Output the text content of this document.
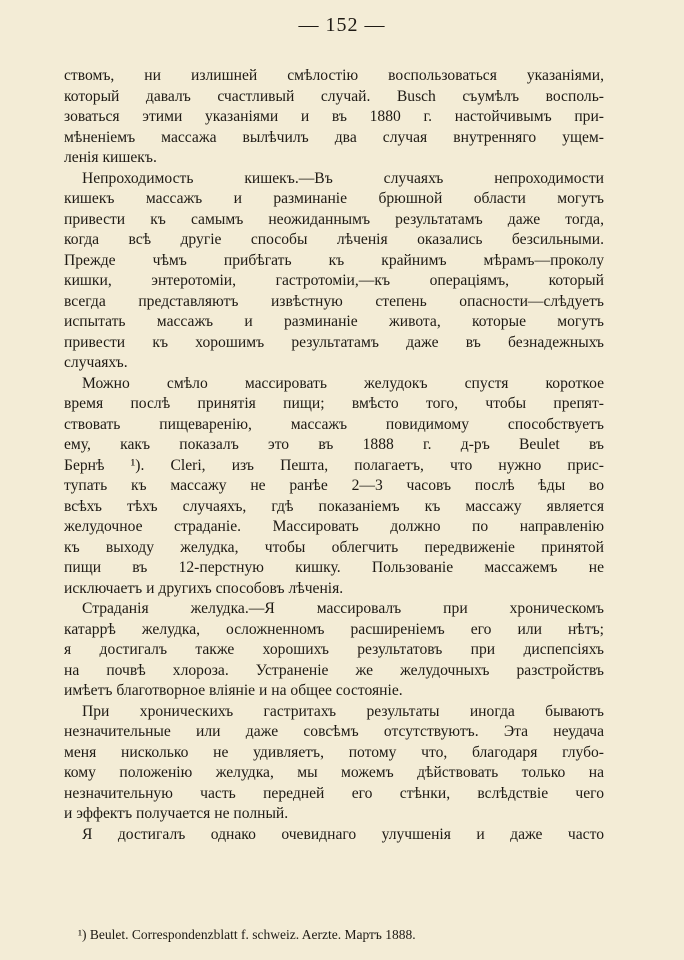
— 152 —
ствомъ, ни излишней смѣлостію воспользоваться указаніями,
который давалъ счастливый случай. Busch съумѣлъ восполь-
зоваться этими указаніями и въ 1880 г. настойчивымъ при-
мѣненіемъ массажа вылѣчилъ два случая внутренняго ущем-
ленія кишекъ.
Непроходимость кишекъ.—Въ случаяхъ непроходимости
кишекъ массажъ и разминаніе брюшной области могутъ
привести къ самымъ неожиданнымъ результатамъ даже тогда,
когда всѣ другіе способы лѣченія оказались безсильными.
Прежде чѣмъ прибѣгать къ крайнимъ мѣрамъ—проколу
кишки, энтеротоміи, гастротоміи,—къ операціямъ, который
всегда представляютъ извѣстную степень опасности—слѣдуетъ
испытать массажъ и разминаніе живота, которые могутъ
привести къ хорошимъ результатамъ даже въ безнадежныхъ
случаяхъ.
Можно смѣло массировать желудокъ спустя короткое
время послѣ принятія пищи; вмѣсто того, чтобы препят-
ствовать пищеваренію, массажъ повидимому способствуетъ
ему, какъ показалъ это въ 1888 г. д-ръ Beulet въ
Бернѣ ¹). Cleri, изъ Пешта, полагаетъ, что нужно прис-
тупать къ массажу не ранѣе 2—3 часовъ послѣ ѣды во
всѣхъ тѣхъ случаяхъ, гдѣ показаніемъ къ массажу является
желудочное страданіе. Массировать должно по направленію
къ выходу желудка, чтобы облегчить передвиженіе принятой
пищи въ 12-перстную кишку. Пользованіе массажемъ не
исключаетъ и другихъ способовъ лѣченія.
Страданія желудка.—Я массировалъ при хроническомъ
катаррѣ желудка, осложненномъ расширеніемъ его или нѣтъ;
я достигалъ также хорошихъ результатовъ при диспепсіяхъ
на почвѣ хлороза. Устраненіе же желудочныхъ разстройствъ
имѣетъ благотворное вліяніе и на общее состояніе.
При хроническихъ гастритахъ результаты иногда бываютъ
незначительные или даже совсѣмъ отсутствуютъ. Эта неудача
меня нисколько не удивляетъ, потому что, благодаря глубо-
кому положенію желудка, мы можемъ дѣйствовать только на
незначительную часть передней его стѣнки, вслѣдствіе чего
и эффектъ получается не полный.
Я достигалъ однако очевиднаго улучшенія и даже часто
¹) Beulet. Correspondenzblatt f. schweiz. Aerzte. Мартъ 1888.
